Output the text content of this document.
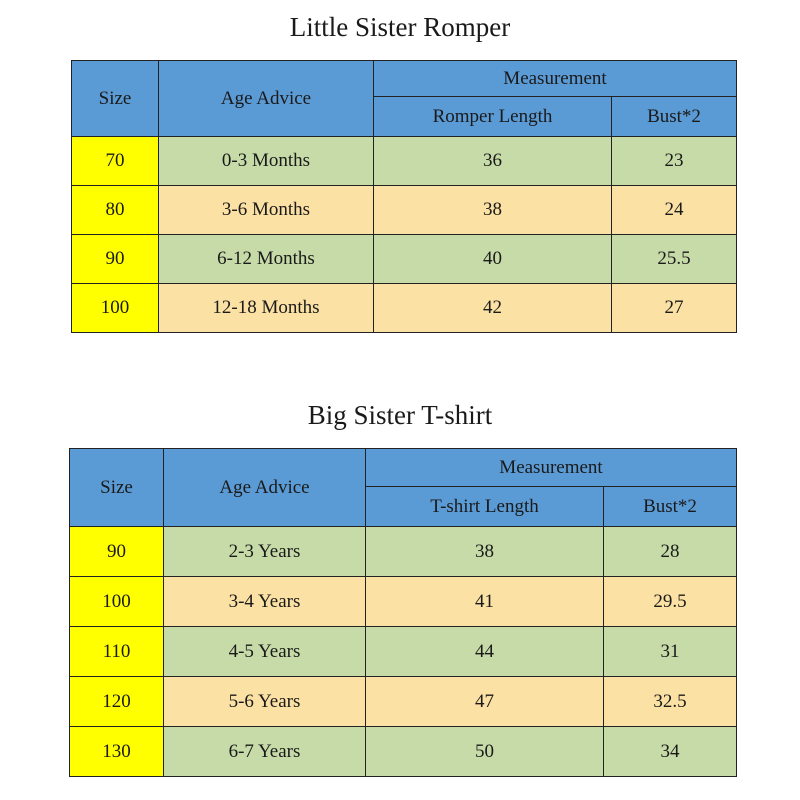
Little Sister Romper
Size	Age Advice	Measurement	
		Romper Length	Bust*2
70	0-3 Months	36	23
80	3-6 Months	38	24
90	6-12 Months	40	25.5
100	12-18 Months	42	27
Big Sister T-shirt
Size	Age Advice	Measurement	
		T-shirt Length	Bust*2
90	2-3 Years	38	28
100	3-4 Years	41	29.5
110	4-5 Years	44	31
120	5-6 Years	47	32.5
130	6-7 Years	50	34
